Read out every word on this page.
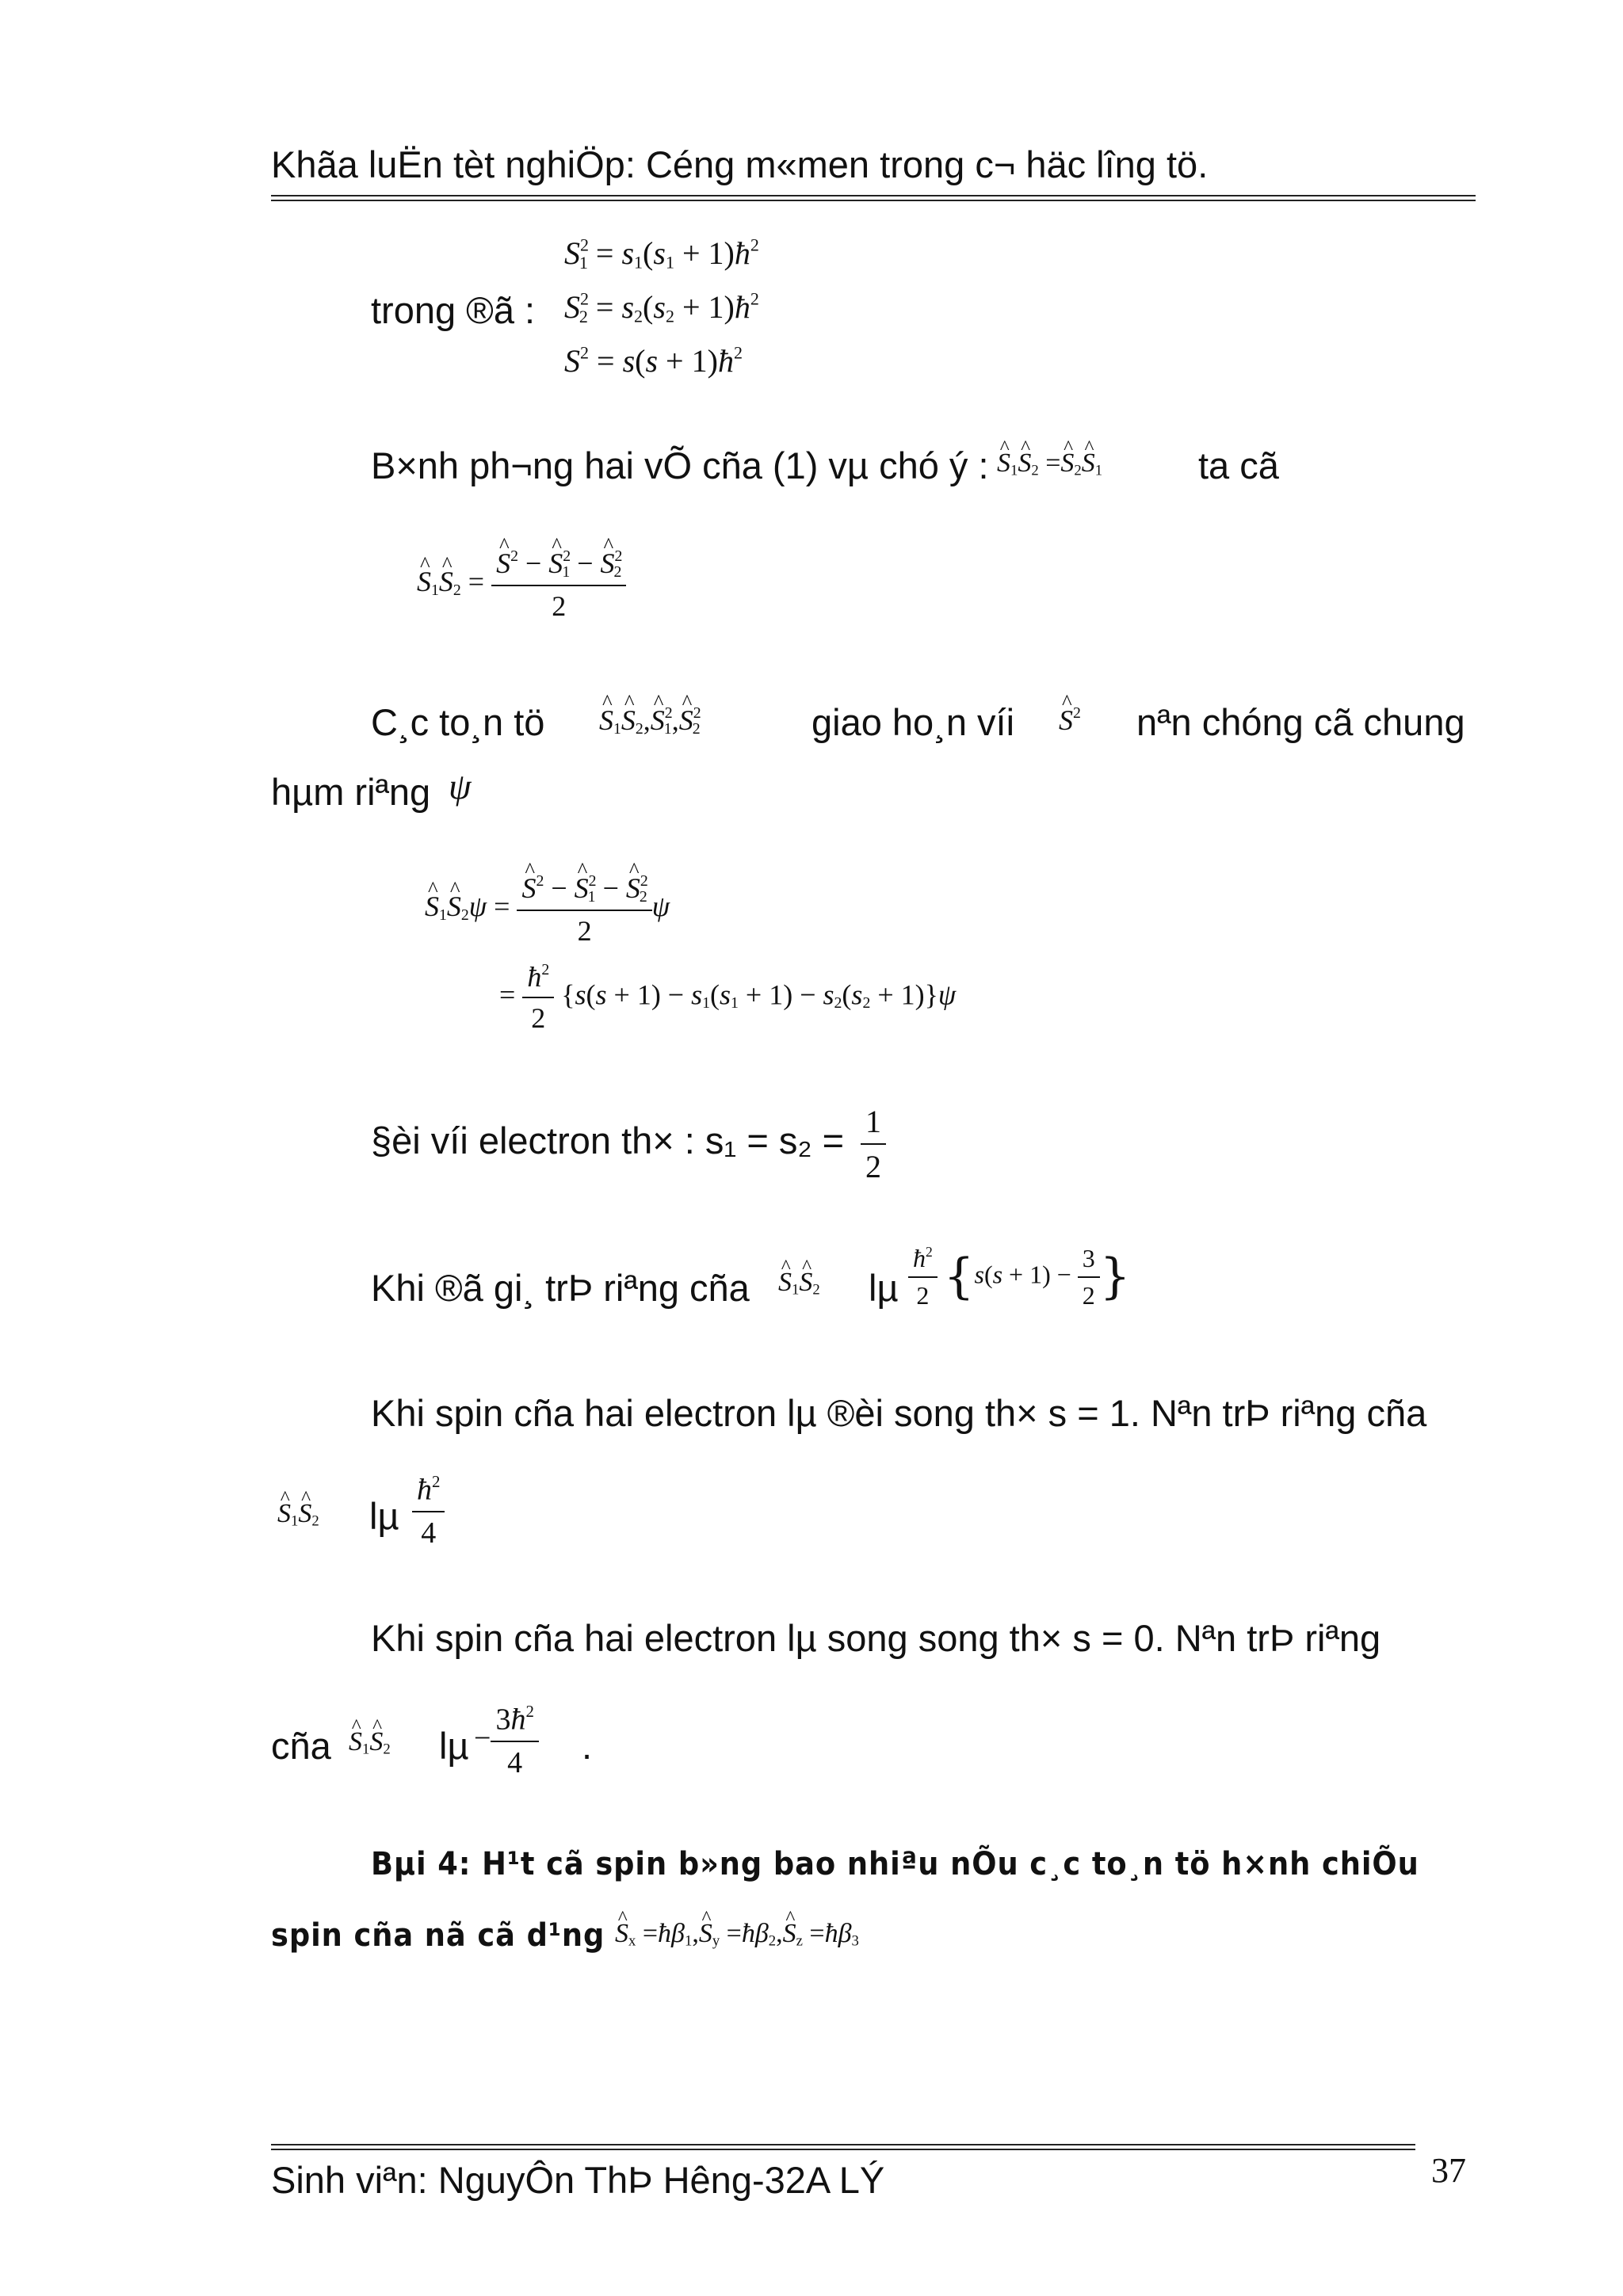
Khãa luËn tèt nghiÖp: Céng m«men trong c¬ häc lîng tö.
trong ®ã :
$S^2_1 = s_1(s_1$ + $1)ħ^2$
$S^2_2 = s_2(s_2$ + $1)ħ^2$
$S^2 = s(s$ + $1)ħ^2$
B×nh ph¬ng hai vÕ cña (1) vµ chó ý : ^ $S_1\^{}$ $S_2$ =^ $S_2\^{}$ $S_1$	ta cã
^ $S_1\^{}$ $S_2$ = ^ $\frac{S^2 - \^{} S^2_1 - \^{} S^2_2}{2}$
C¸c to¸n tö ^ $S_1\^{}$ $S_2,\^{}$ $S^2_1,\^{}$ $S^2_2$	giao ho¸n víi ^ $S^2$ nªn chóng cã chung
hµm riªng ψ
^ $S_1\^{}$ $S_2\psi$ = ^ $\frac{S^2 - \^{} S^2_1 - \^{} S^2_2}{2}$ ψ
= $\frac{ħ^2}{2} \{s(s + 1) - s_1(s_1 + 1) - s_2(s_2 + 1)\}\psi$
§èi víi electron th× : $s_1 = s_2 = \frac{1}{2}$
Khi ®ã gi¸ trÞ riªng cña ^ $S_1\^{}$ $S_2$ lµ $\frac{ħ^2}{2} \{s(s + 1) - \frac{3}{2}$ }
Khi spin cña hai electron lµ ®èi song th× s = 1. Nªn trÞ riªng cña
^ $S_1\^{}$ $S_2$ lµ $\frac{ħ^2}{4}$
Khi spin cña hai electron lµ song song th× s = 0. Nªn trÞ riªng
cña ^ $S_1\^{}$ $S_2$ $l\mu - \frac{3ħ^2}{4}$ .
Bµi 4: H¹t cã spin b»ng bao nhiªu nÕu c¸c to¸n tö h×nh chiÕu
spin cña nã cã d¹ng ^ $S_x$ $=ħ\beta_1,\^{}$ $S_y$ $=ħ\beta_2,\^{}$ $S_z$ $=ħ\beta_3$
Sinh viªn: NguyÔn ThÞ Hêng-32A LÝ	37
